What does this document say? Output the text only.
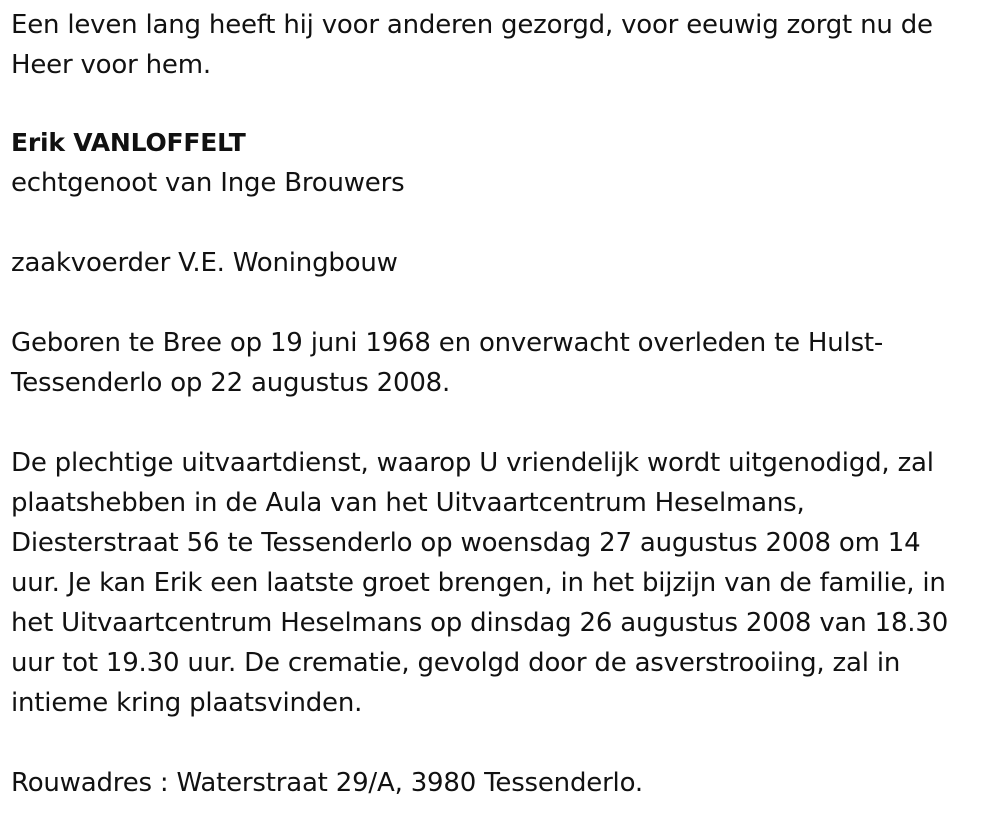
Een leven lang heeft hij voor anderen gezorgd, voor eeuwig zorgt nu de
Heer voor hem.

Erik VANLOFFELT

echtgenoot van Inge Brouwers

zaakvoerder V.E. Woningbouw

Geboren te Bree op 19 juni 1968 en onverwacht overleden te Hulst-
Tessenderlo op 22 augustus 2008.

De plechtige uitvaartdienst, waarop U vriendelijk wordt uitgenodigd, zal
plaatshebben in de Aula van het Uitvaartcentrum Heselmans,
Diesterstraat 56 te Tessenderlo op woensdag 27 augustus 2008 om 14
uur. Je kan Erik een laatste groet brengen, in het bijzijn van de familie, in
het Uitvaartcentrum Heselmans op dinsdag 26 augustus 2008 van 18.30
uur tot 19.30 uur. De crematie, gevolgd door de asverstrooiing, zal in
intieme kring plaatsvinden.

Rouwadres : Waterstraat 29/A, 3980 Tessenderlo.
